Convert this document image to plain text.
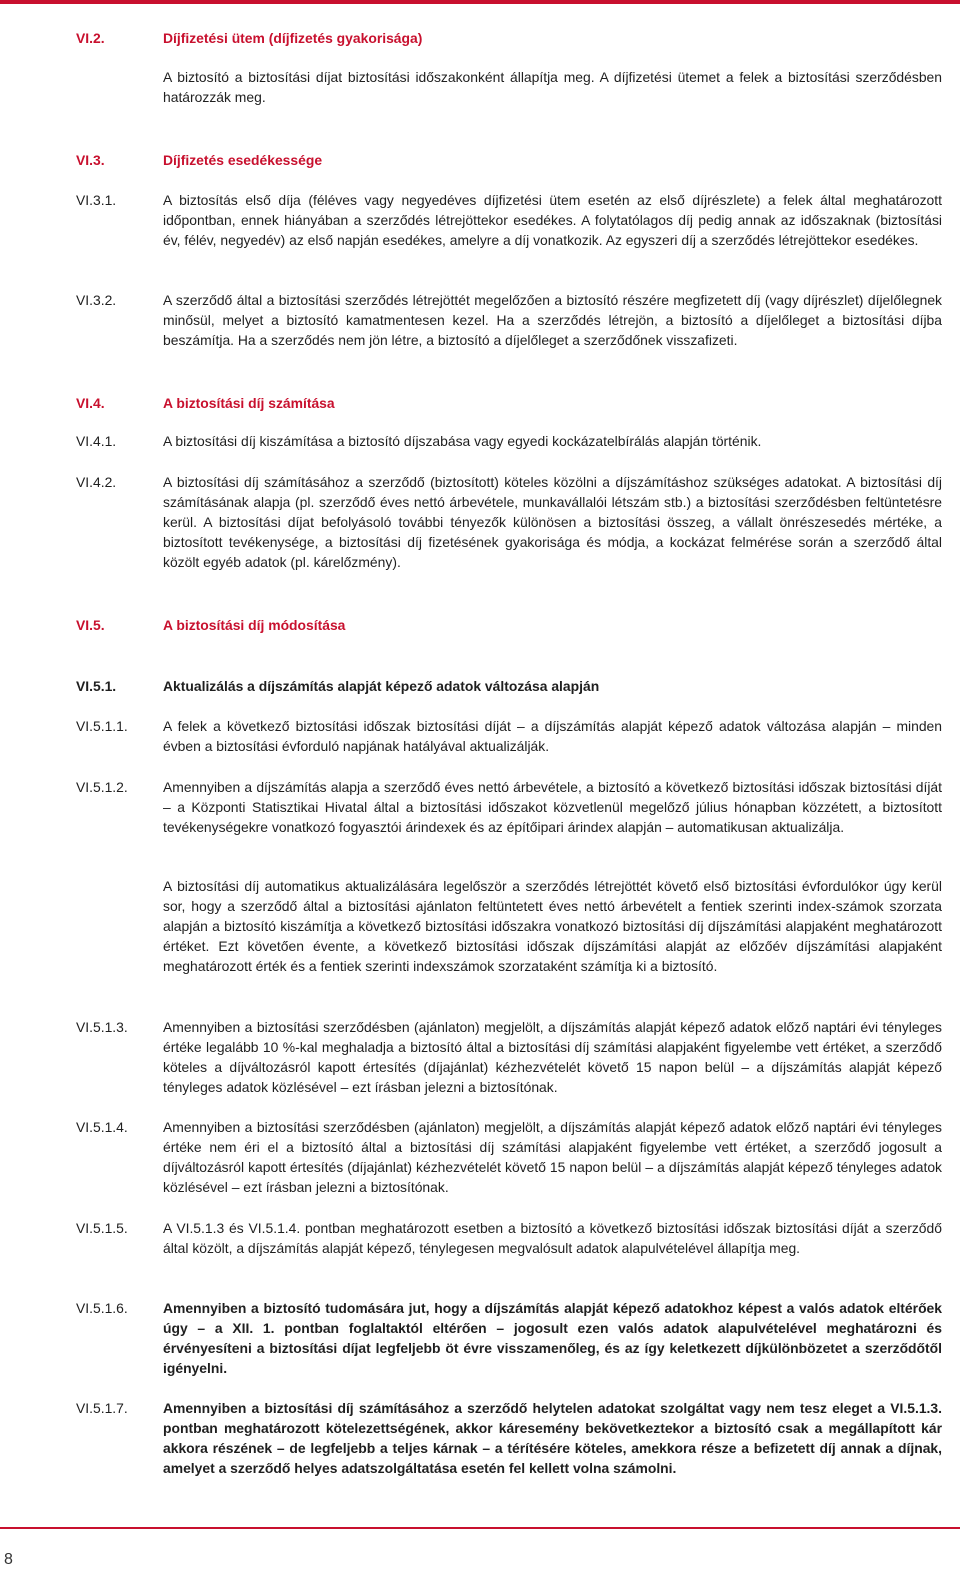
VI.2.	Díjfizetési ütem (díjfizetés gyakorisága)

A biztosító a biztosítási díjat biztosítási időszakonként állapítja meg. A díjfizetési ütemet a felek a biztosítási szerződésben határozzák meg.

VI.3.	Díjfizetés esedékessége
VI.3.1.	A biztosítás első díja (féléves vagy negyedéves díjfizetési ütem esetén az első díjrészlete) a felek által meghatározott időpontban, ennek hiányában a szerződés létrejöttekor esedékes. A folytatólagos díj pedig annak az időszaknak (biztosítási év, félév, negyedév) az első napján esedékes, amelyre a díj vonatkozik. Az egyszeri díj a szerződés létrejöttekor esedékes.

VI.3.2.	A szerződő által a biztosítási szerződés létrejöttét megelőzően a biztosító részére megfizetett díj (vagy díjrészlet) díjelőlegnek minősül, melyet a biztosító kamatmentesen kezel. Ha a szerződés létrejön, a biztosító a díjelőleget a biztosítási díjba beszámítja. Ha a szerződés nem jön létre, a biztosító a díjelőleget a szerződőnek visszafizeti.

VI.4.	A biztosítási díj számítása
VI.4.1.	A biztosítási díj kiszámítása a biztosító díjszabása vagy egyedi kockázatelbírálás alapján történik.

VI.4.2.	A biztosítási díj számításához a szerződő (biztosított) köteles közölni a díjszámításhoz szükséges adatokat. A biztosítási díj számításának alapja (pl. szerződő éves nettó árbevétele, munkavállalói létszám stb.) a biztosítási szerződésben feltüntetésre kerül. A biztosítási díjat befolyásoló további tényezők különösen a biztosítási összeg, a vállalt önrészesedés mértéke, a biztosított tevékenysége, a biztosítási díj fizetésének gyakorisága és módja, a kockázat felmérése során a szerződő által közölt egyéb adatok (pl. kárelőzmény).

VI.5.	A biztosítási díj módosítása
VI.5.1.	Aktualizálás a díjszámítás alapját képező adatok változása alapján
VI.5.1.1.	A felek a következő biztosítási időszak biztosítási díját – a díjszámítás alapját képező adatok változása alapján – minden évben a biztosítási évforduló napjának hatályával aktualizálják.

VI.5.1.2.	Amennyiben a díjszámítás alapja a szerződő éves nettó árbevétele, a biztosító a következő biztosítási időszak biztosítási díját – a Központi Statisztikai Hivatal által a biztosítási időszakot közvetlenül megelőző július hónapban közzétett, a biztosított tevékenységekre vonatkozó fogyasztói árindexek és az építőipari árindex alapján – automatikusan aktualizálja.

A biztosítási díj automatikus aktualizálására legelőször a szerződés létrejöttét követő első biztosítási évfordulókor úgy kerül sor, hogy a szerződő által a biztosítási ajánlaton feltüntetett éves nettó árbevételt a fentiek szerinti index-számok szorzata alapján a biztosító kiszámítja a következő biztosítási időszakra vonatkozó biztosítási díj díjszámítási alapjaként meghatározott értéket. Ezt követően évente, a következő biztosítási időszak díjszámítási alapját az előzőév díjszámítási alapjaként meghatározott érték és a fentiek szerinti indexszámok szorzataként számítja ki a biztosító.

VI.5.1.3.	Amennyiben a biztosítási szerződésben (ajánlaton) megjelölt, a díjszámítás alapját képező adatok előző naptári évi tényleges értéke legalább 10 %-kal meghaladja a biztosító által a biztosítási díj számítási alapjaként figyelembe vett értéket, a szerződő köteles a díjváltozásról kapott értesítés (díjajánlat) kézhezvételét követő 15 napon belül – a díjszámítás alapját képező tényleges adatok közlésével – ezt írásban jelezni a biztosítónak.

VI.5.1.4.	Amennyiben a biztosítási szerződésben (ajánlaton) megjelölt, a díjszámítás alapját képező adatok előző naptári évi tényleges értéke nem éri el a biztosító által a biztosítási díj számítási alapjaként figyelembe vett értéket, a szerződő jogosult a díjváltozásról kapott értesítés (díjajánlat) kézhezvételét követő 15 napon belül – a díjszámítás alapját képező tényleges adatok közlésével – ezt írásban jelezni a biztosítónak.

VI.5.1.5.	A VI.5.1.3 és VI.5.1.4. pontban meghatározott esetben a biztosító a következő biztosítási időszak biztosítási díját a szerződő által közölt, a díjszámítás alapját képező, ténylegesen megvalósult adatok alapulvételével állapítja meg.

VI.5.1.6.	Amennyiben a biztosító tudomására jut, hogy a díjszámítás alapját képező adatokhoz képest a valós adatok eltérőek úgy – a XII. 1. pontban foglaltaktól eltérően – jogosult ezen valós adatok alapulvételével meghatározni és érvényesíteni a biztosítási díjat legfeljebb öt évre visszamenőleg, és az így keletkezett díjkülönbözetet a szerződőtől igényelni.

VI.5.1.7.	Amennyiben a biztosítási díj számításához a szerződő helytelen adatokat szolgáltat vagy nem tesz eleget a VI.5.1.3. pontban meghatározott kötelezettségének, akkor káresemény bekövetkeztekor a biztosító csak a megállapított kár akkora részének – de legfeljebb a teljes kárnak – a térítésére köteles, amekkora része a befizetett díj annak a díjnak, amelyet a szerződő helyes adatszolgáltatása esetén fel kellett volna számolni.

8
